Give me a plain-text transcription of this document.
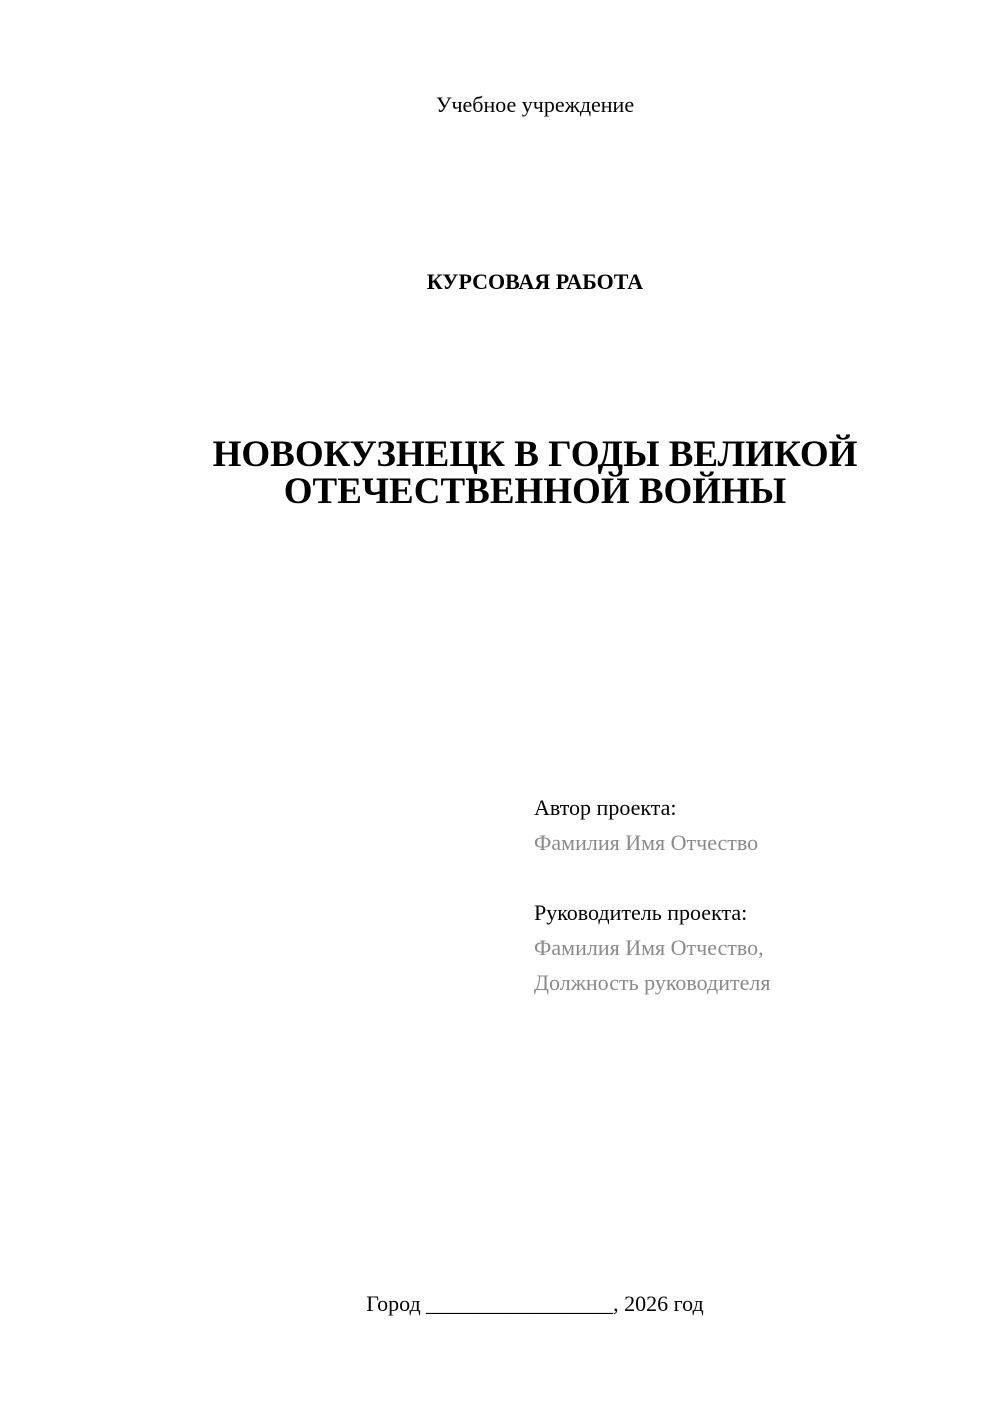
Учебное учреждение
КУРСОВАЯ РАБОТА
НОВОКУЗНЕЦК В ГОДЫ ВЕЛИКОЙ
ОТЕЧЕСТВЕННОЙ ВОЙНЫ
Автор проекта:
Фамилия Имя Отчество
Руководитель проекта:
Фамилия Имя Отчество,
Должность руководителя
Город _________________, 2026 год
